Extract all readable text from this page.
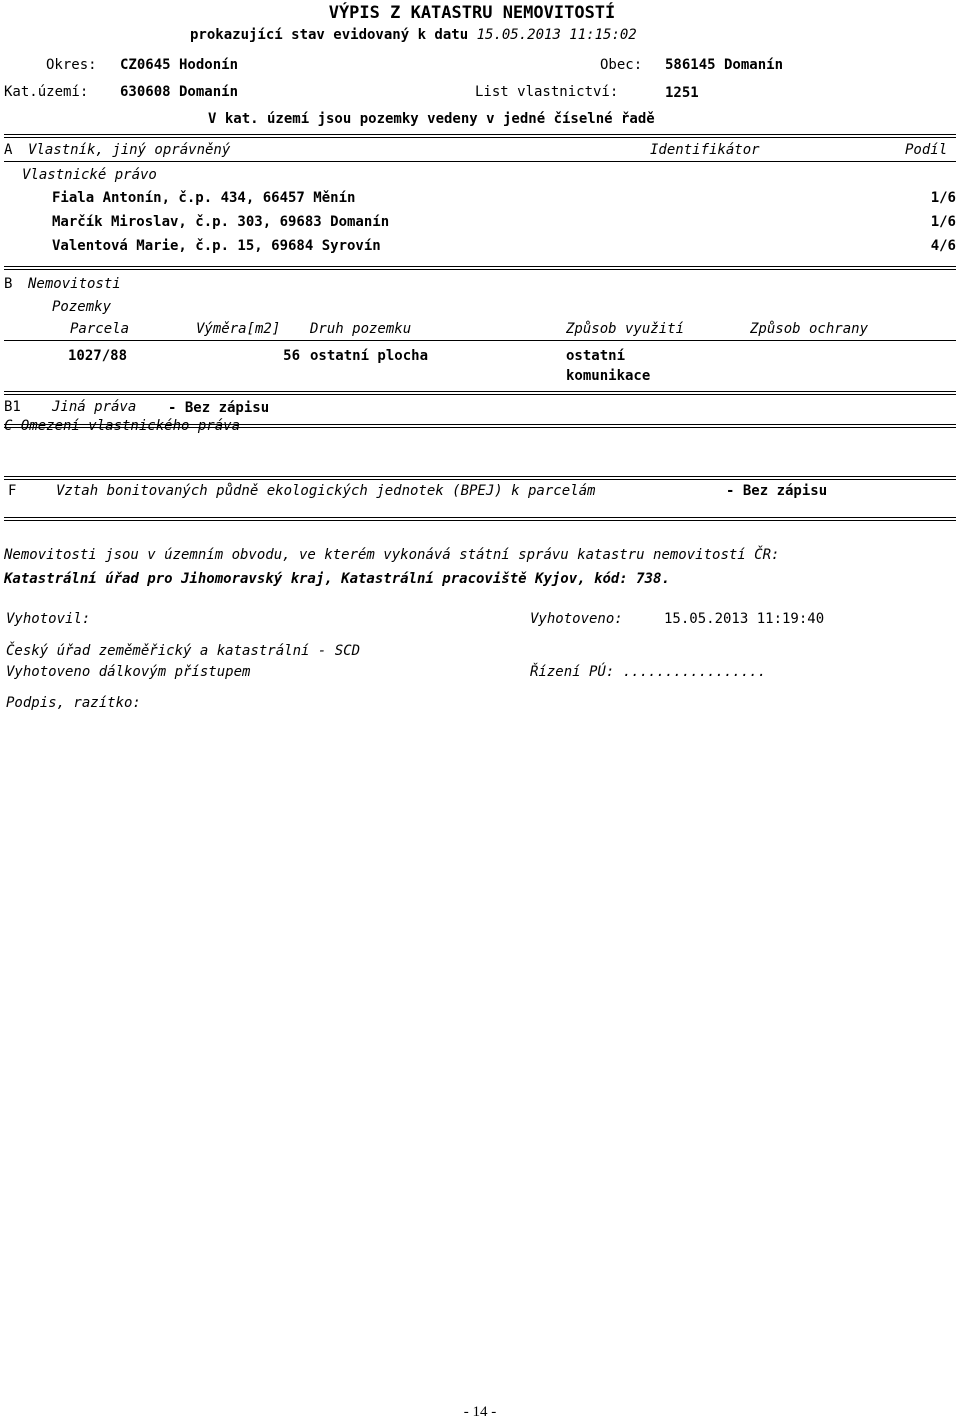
VÝPIS Z KATASTRU NEMOVITOSTÍ
prokazující stav evidovaný k datu 15.05.2013 11:15:02
Okres: CZ0645 Hodonín	Obec: 586145 Domanín
Kat.území: 630608 Domanín	List vlastnictví:	1251
V kat. území jsou pozemky vedeny v jedné číselné řadě
A Vlastník, jiný oprávněný	Identifikátor	Podíl
Vlastnické právo
Fiala Antonín, č.p. 434, 66457 Měnín	1/6
Marčík Miroslav, č.p. 303, 69683 Domanín	1/6
Valentová Marie, č.p. 15, 69684 Syrovín	4/6
B Nemovitosti
Pozemky
Parcela	Výměra[m2] Druh pozemku	Způsob využití	Způsob ochrany
1027/88	56 ostatní plocha	ostatní
komunikace
B1 Jiná práva - Bez zápisu
C Omezení vlastnického práva
F	Vztah bonitovaných půdně ekologických jednotek (BPEJ) k parcelám	- Bez zápisu
Nemovitosti jsou v územním obvodu, ve kterém vykonává státní správu katastru nemovitostí ČR:
Katastrální úřad pro Jihomoravský kraj, Katastrální pracoviště Kyjov, kód: 738.
Vyhotovil:	Vyhotoveno:	15.05.2013 11:19:40
Český úřad zeměměřický a katastrální - SCD
Vyhotoveno dálkovým přístupem	Řízení PÚ: .................
Podpis, razítko:
- 14 -
